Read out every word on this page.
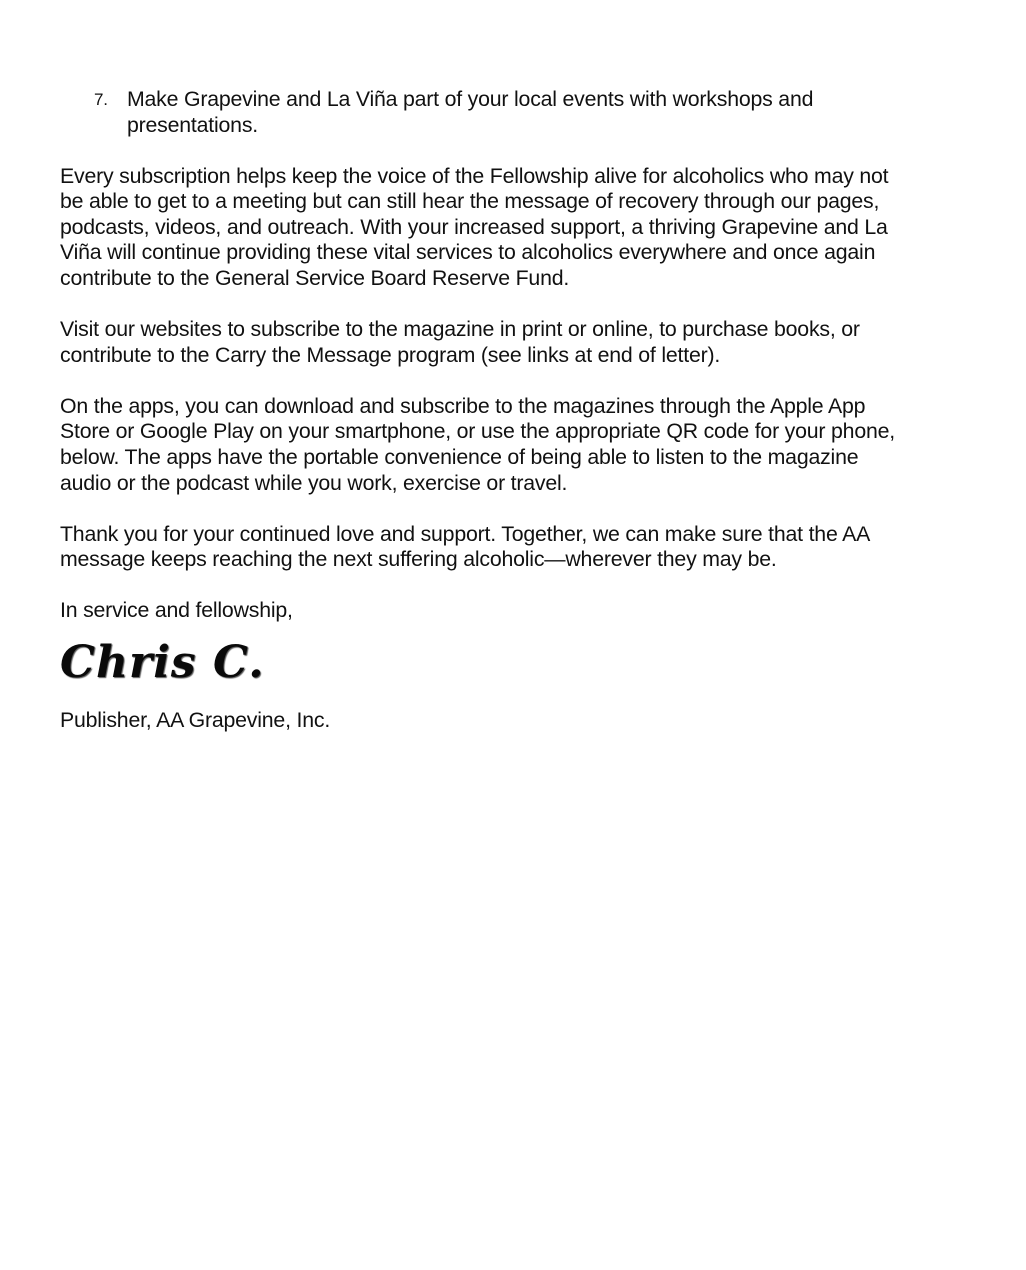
7. Make Grapevine and La Viña part of your local events with workshops and
presentations.
Every subscription helps keep the voice of the Fellowship alive for alcoholics who may not
be able to get to a meeting but can still hear the message of recovery through our pages,
podcasts, videos, and outreach. With your increased support, a thriving Grapevine and La
Viña will continue providing these vital services to alcoholics everywhere and once again
contribute to the General Service Board Reserve Fund.
Visit our websites to subscribe to the magazine in print or online, to purchase books, or
contribute to the Carry the Message program (see links at end of letter).
On the apps, you can download and subscribe to the magazines through the Apple App
Store or Google Play on your smartphone, or use the appropriate QR code for your phone,
below. The apps have the portable convenience of being able to listen to the magazine
audio or the podcast while you work, exercise or travel.
Thank you for your continued love and support. Together, we can make sure that the AA
message keeps reaching the next suffering alcoholic—wherever they may be.
In service and fellowship,
Chris C.
Publisher, AA Grapevine, Inc.
